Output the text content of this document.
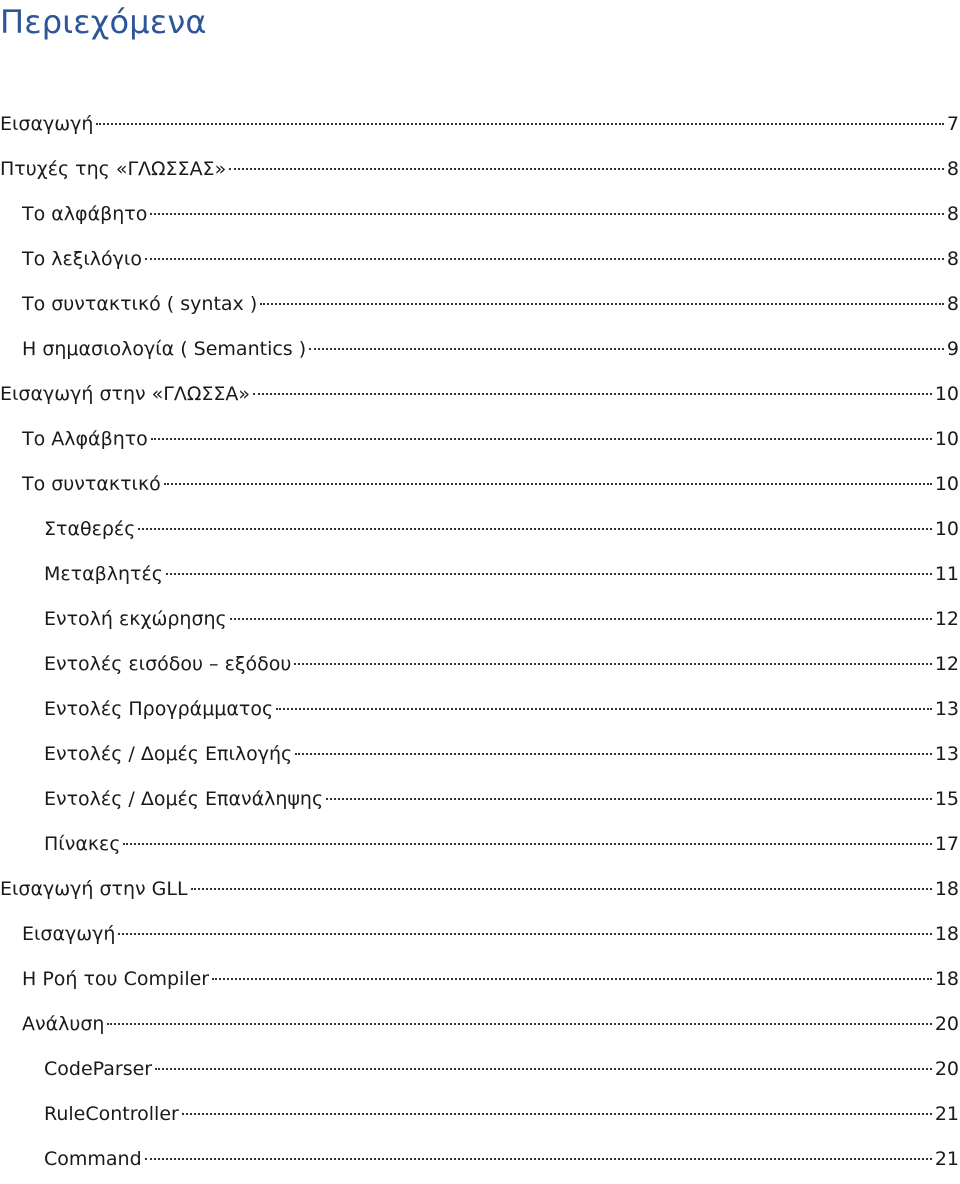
Περιεχόμενα
Εισαγωγή	7
Πτυχές της «ΓΛΩΣΣΑΣ»	8
Το αλφάβητο	8
Το λεξιλόγιο	8
Το συντακτικό ( syntax )	8
Η σημασιολογία ( Semantics )	9
Εισαγωγή στην «ΓΛΩΣΣΑ»	10
Το Αλφάβητο	10
Το συντακτικό	10
Σταθερές	10
Μεταβλητές	11
Εντολή εκχώρησης	12
Εντολές εισόδου – εξόδου	12
Εντολές Προγράμματος	13
Εντολές / Δομές Επιλογής	13
Εντολές / Δομές Επανάληψης	15
Πίνακες	17
Εισαγωγή στην GLL	18
Εισαγωγή	18
Η Ροή του Compiler	18
Ανάλυση	20
CodeParser	20
RuleController	21
Command	21
